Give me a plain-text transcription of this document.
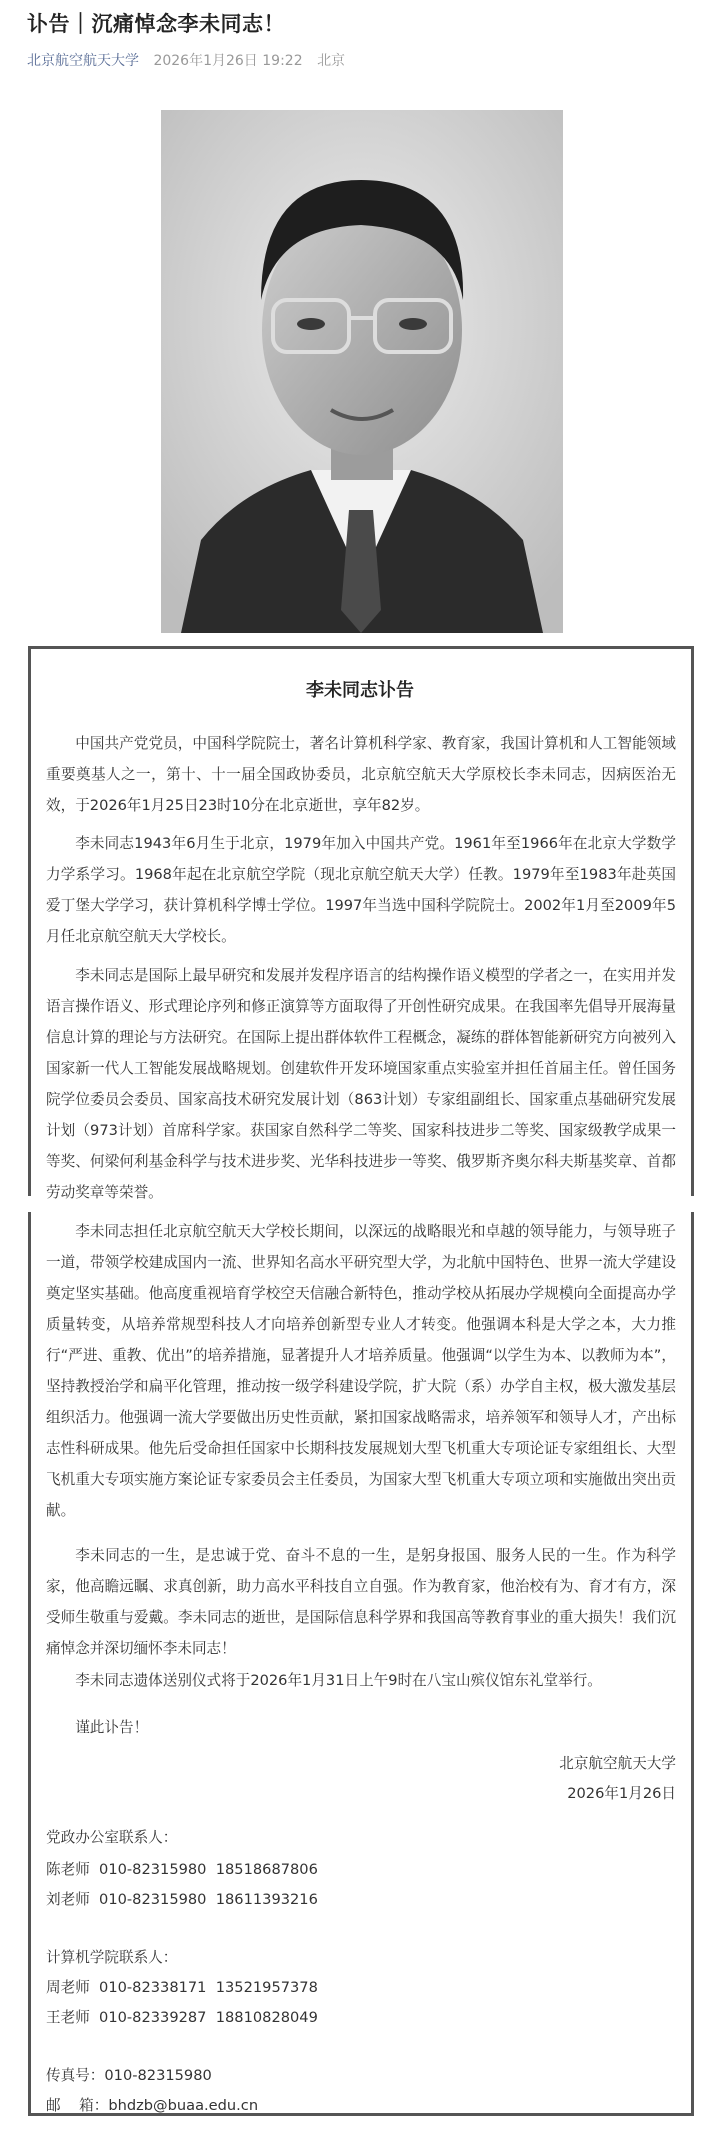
讣告｜沉痛悼念李未同志！
北京航空航天大学 2026年1月26日 19:22 北京
李未同志讣告

中国共产党党员，中国科学院院士，著名计算机科学家、教育家，我国计算机和人工智能领域重要奠基人之一，第十、十一届全国政协委员，北京航空航天大学原校长李未同志，因病医治无效，于2026年1月25日23时10分在北京逝世，享年82岁。

李未同志1943年6月生于北京，1979年加入中国共产党。1961年至1966年在北京大学数学力学系学习。1968年起在北京航空学院（现北京航空航天大学）任教。1979年至1983年赴英国爱丁堡大学学习，获计算机科学博士学位。1997年当选中国科学院院士。2002年1月至2009年5月任北京航空航天大学校长。

李未同志是国际上最早研究和发展并发程序语言的结构操作语义模型的学者之一，在实用并发语言操作语义、形式理论序列和修正演算等方面取得了开创性研究成果。在我国率先倡导开展海量信息计算的理论与方法研究。在国际上提出群体软件工程概念，凝练的群体智能新研究方向被列入国家新一代人工智能发展战略规划。创建软件开发环境国家重点实验室并担任首届主任。曾任国务院学位委员会委员、国家高技术研究发展计划（863计划）专家组副组长、国家重点基础研究发展计划（973计划）首席科学家。获国家自然科学二等奖、国家科技进步二等奖、国家级教学成果一等奖、何梁何利基金科学与技术进步奖、光华科技进步一等奖、俄罗斯齐奥尔科夫斯基奖章、首都劳动奖章等荣誉。

李未同志担任北京航空航天大学校长期间，以深远的战略眼光和卓越的领导能力，与领导班子一道，带领学校建成国内一流、世界知名高水平研究型大学，为北航中国特色、世界一流大学建设奠定坚实基础。他高度重视培育学校空天信融合新特色，推动学校从拓展办学规模向全面提高办学质量转变，从培养常规型科技人才向培养创新型专业人才转变。他强调本科是大学之本，大力推行“严进、重教、优出”的培养措施，显著提升人才培养质量。他强调“以学生为本、以教师为本”，坚持教授治学和扁平化管理，推动按一级学科建设学院，扩大院（系）办学自主权，极大激发基层组织活力。他强调一流大学要做出历史性贡献，紧扣国家战略需求，培养领军和领导人才，产出标志性科研成果。他先后受命担任国家中长期科技发展规划大型飞机重大专项论证专家组组长、大型飞机重大专项实施方案论证专家委员会主任委员，为国家大型飞机重大专项立项和实施做出突出贡献。

李未同志的一生，是忠诚于党、奋斗不息的一生，是躬身报国、服务人民的一生。作为科学家，他高瞻远瞩、求真创新，助力高水平科技自立自强。作为教育家，他治校有为、育才有方，深受师生敬重与爱戴。李未同志的逝世，是国际信息科学界和我国高等教育事业的重大损失！我们沉痛悼念并深切缅怀李未同志！

李未同志遗体送别仪式将于2026年1月31日上午9时在八宝山殡仪馆东礼堂举行。

谨此讣告！

北京航空航天大学
2026年1月26日

党政办公室联系人：

陈老师  010-82315980  18518687806

刘老师  010-82315980  18611393216

计算机学院联系人：

周老师  010-82338171  13521957378

王老师  010-82339287  18810828049

传真号：010-82315980

邮    箱：bhdzb@buaa.edu.cn
